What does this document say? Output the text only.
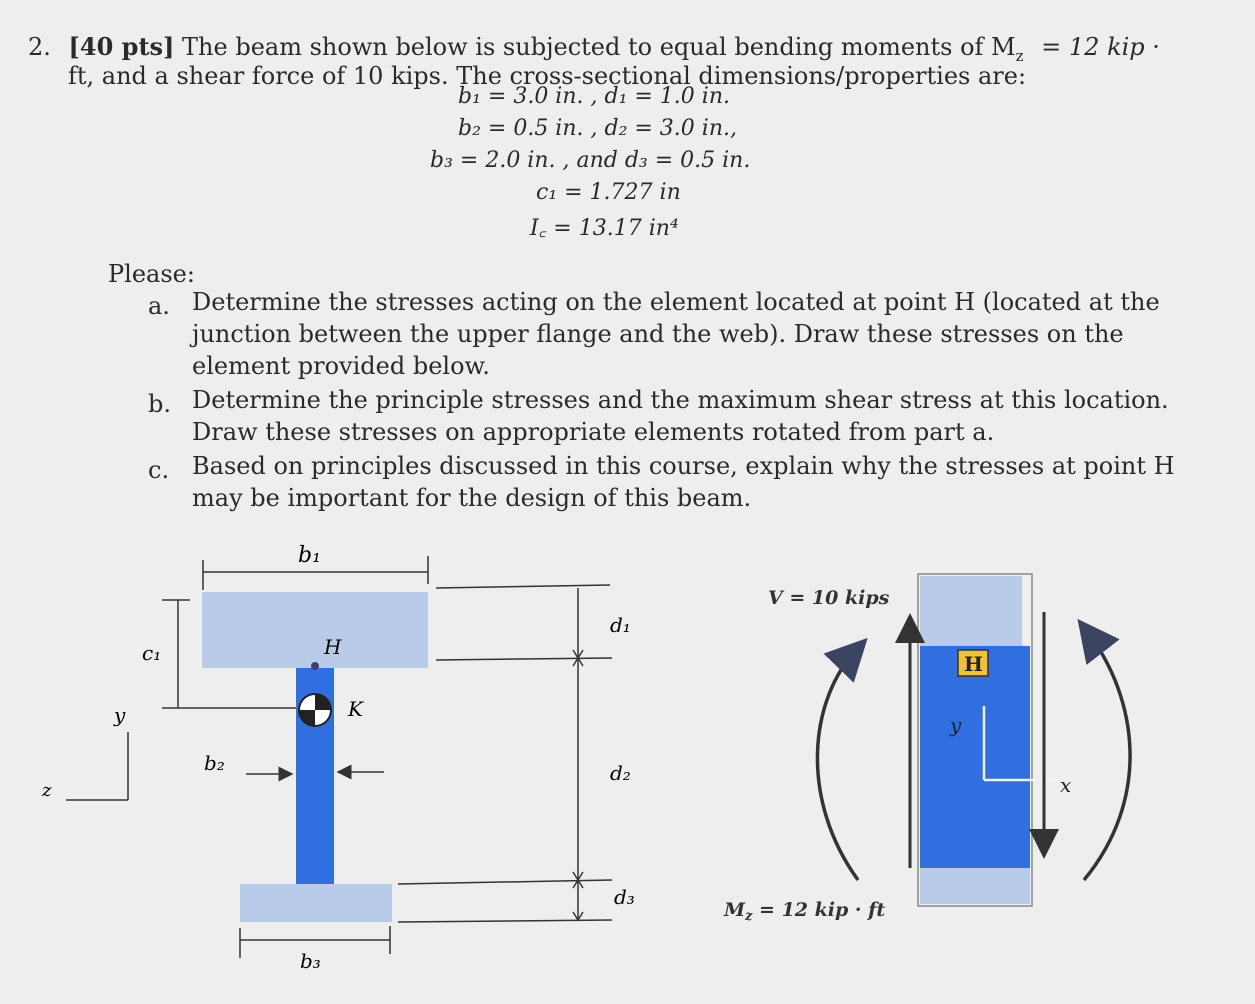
2. [40 pts] The beam shown below is subjected to equal bending moments of $M_z = 12$ kip ·
ft, and a shear force of 10 kips. The cross-sectional dimensions/properties are:
b₁ = 3.0 in. , d₁ = 1.0 in.
b₂ = 0.5 in. , d₂ = 3.0 in.,
b₃ = 2.0 in. , and d₃ = 0.5 in.
c₁ = 1.727 in
I꜀ = 13.17 in⁴
Please:
a. Determine the stresses acting on the element located at point H (located at the
junction between the upper flange and the web). Draw these stresses on the
element provided below.
b. Determine the principle stresses and the maximum shear stress at this location.
Draw these stresses on appropriate elements rotated from part a.
c. Based on principles discussed in this course, explain why the stresses at point H
may be important for the design of this beam.
b₁
H
K
c₁
y
z
b₂
b₃
d₁
d₂
d₃
H
y
x
V = 10 kips
$M_z = 12$ kip · ft
